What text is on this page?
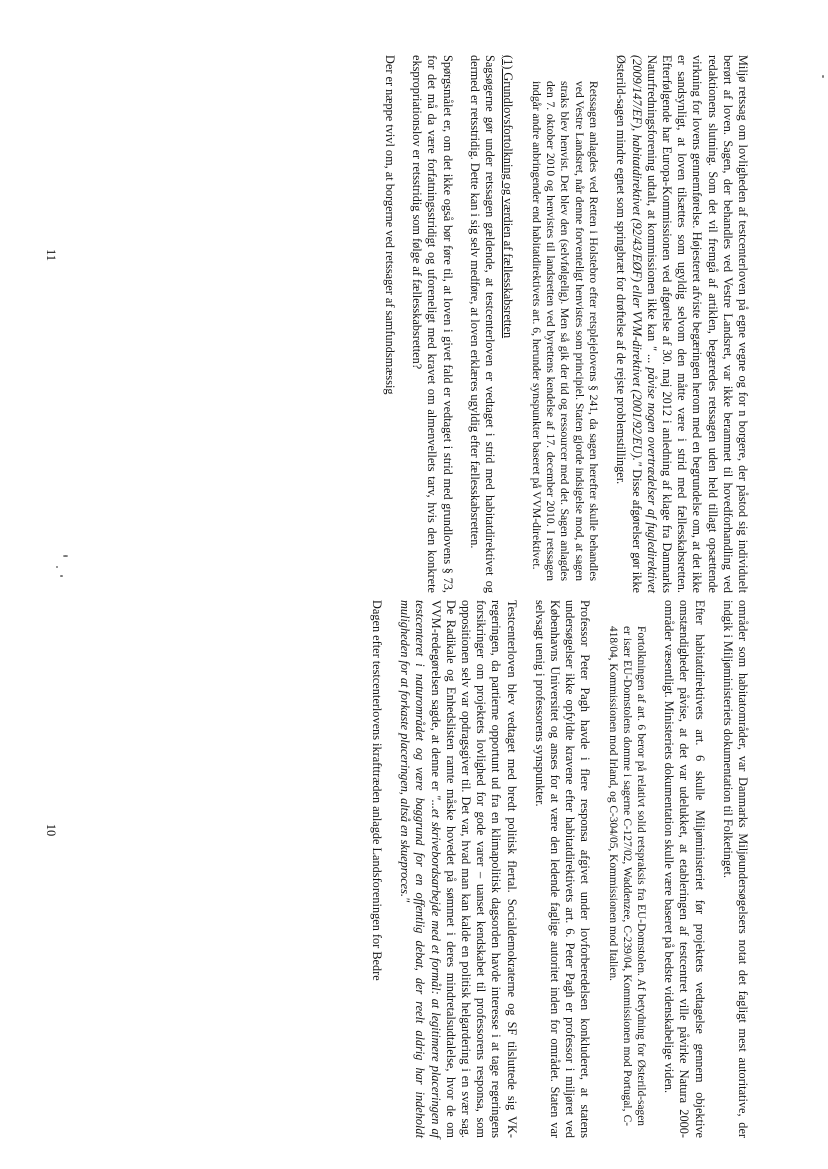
Miljø retssag om lovligheden af testcenterloven på egne vegne og for n borgere, der påstod sig individuelt berørt af loven. Sagen, der behandles ved Vestre Landsret, var ikke berammet til hovedforhandling ved redaktionens slutning. Som det vil fremgå af artiklen, begæredes retssagen uden held tillagt opsættende virkning for lovens gennemførelse. Højesteret afviste begæringen herom med en begrundelse om, at det ikke er sandsynligt, at loven tilsættes som ugyldig selvom den måtte være i strid med fællesskabsretten. Efterfølgende har Europa-Kommissionen ved afgørelse af 30. maj 2012 i anledning af klage fra Danmarks Naturfredningsforening udtalt, at kommissionen ikke kan " ... påvise nogen overtrædelser af fugledirektivet (2009/147/EF), habitatdirektivet (92/43/EØF) eller VVM-direktivet (2001/92/EU)." Disse afgørelser gør ikke Østerild-sagen mindre egnet som springbræt for drøftelse af de rejste problemstillinger.

Retssagen anlagdes ved Retten i Holstebro efter retsplejelovens § 241, da sagen herefter skulle behandles ved Vestre Landsret, når denne forventeligt henvistes som principiel. Staten gjorde indsigelse mod, at sagen straks blev henvist. Det blev den (selvfølgelig). Men så gik der tid og ressourcer med det. Sagen anlagdes den 7. oktober 2010 og henvistes til landsretten ved byrettens kendelse af 17. december 2010. I retssagen indgår andre anbringender end habitatdirektivets art. 6, herunder synspunkter baseret på VVM-direktivet.

(1) Grundlovsfortolkning og værdien af fællesskabsretten

Sagsøgerne gør under retssagen gældende, at testcenterloven er vedtaget i strid med habitatdirektivet og dermed er retsstridig. Dette kan i sig selv medføre, at loven erklæres ugyldig efter fællesskabsretten.

Spørgsmålet er, om det ikke også bør føre til, at loven i givet fald er vedtaget i strid med grundlovens § 73, for det må da være forfatningsstridigt og uforeneligt med kravet om almenvellets tarv, hvis den konkrete ekspropriationslov er retsstridig som følge af fællesskabsretten?

Der er næppe tvivl om, at borgerne ved retssager af samfundsmæssig

11

områder som habitatområder, var Danmarks Miljøundersøgelsers notat det fagligt mest autoritative, der indgik i Miljøministeriets dokumentation til Folketinget.

Efter habitatdirektivets art. 6 skulle Miljøministeriet før projektets vedtagelse gennem objektive omstændigheder påvise, at det var udelukket, at etableringen af testcentret ville påvirke Natura 2000-områder væsentligt. Ministeriets dokumentation skulle være baseret på bedste videnskabelige viden.

Fortolkningen af art. 6 beror på relativt solid retspraksis fra EU-Domstolen. Af betydning for Østerild-sagen er især EU-Domstolens domme i sagerne C-127/02, Waddenzee, C-239/04, Kommissionen mod Portugal, C-418/04, Kommissionen mod Irland, og C-304/05, Kommissionen mod Italien.

Professor Peter Pagh havde i flere responsa afgivet under lovforberedelsen konkluderet, at statens undersøgelser ikke opfyldte kravene efter habitatdirektivets art. 6. Peter Pagh er professor i miljøret ved Københavns Universitet og anses for at være den ledende faglige autoritet inden for området. Staten var selvsagt uenig i professorens synspunkter.

Testcenterloven blev vedtaget med bredt politisk flertal. Socialdemokraterne og SF tilsluttede sig VK-regeringen, da partierne opportunt ud fra en klimapolitisk dagsorden havde interesse i at tage regeringens forsikringer om projektets lovlighed for gode varer – uanset kendskabet til professorens responsa, som oppositionen selv var opdragsgiver til. Det var, hvad man kan kalde en politisk helgardering i en svær sag. De Radikale og Enhedslisten ramte måske hovedet på sømmet i deres mindretalsudtalelse, hvor de om VVM-redegørelsen sagde, at denne er "...et skrivebordsarbejde med et formål: at legitimere placeringen af testcenteret i naturområdet og være baggrund for en offentlig debat, der reelt aldrig har indeholdt muligheden for at forkaste placeringen, altså en skueproces."

Dagen efter testcenterlovens ikrafttræden anlagde Landsforeningen for Bedre

10
